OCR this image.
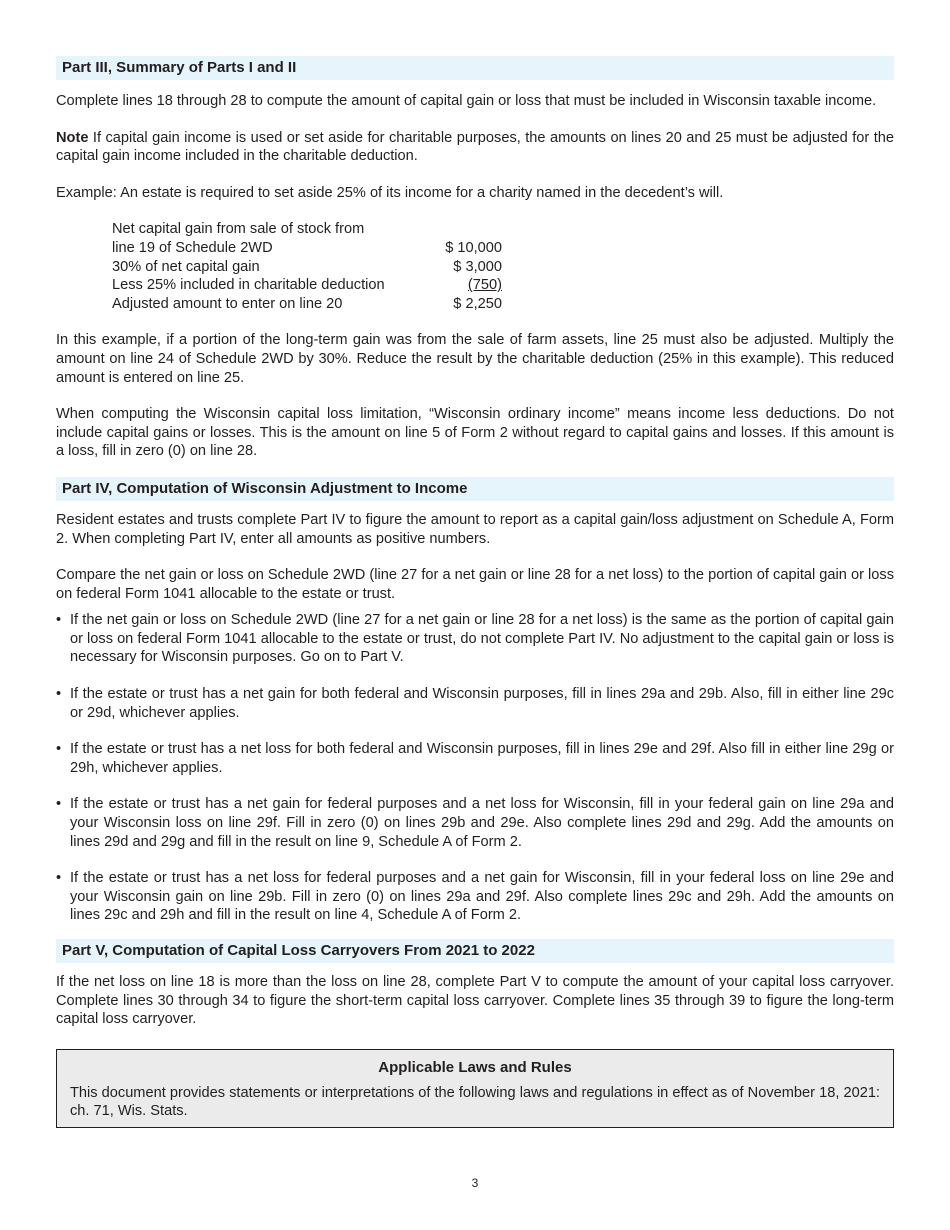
Part III, Summary of Parts I and II

Complete lines 18 through 28 to compute the amount of capital gain or loss that must be included in Wisconsin taxable income.

Note If capital gain income is used or set aside for charitable purposes, the amounts on lines 20 and 25 must be adjusted for the capital gain income included in the charitable deduction.

Example: An estate is required to set aside 25% of its income for a charity named in the decedent’s will.

Net capital gain from sale of stock from	
line 19 of Schedule 2WD	$ 10,000
30% of net capital gain	$ 3,000
Less 25% included in charitable deduction	(750)
Adjusted amount to enter on line 20	$ 2,250

In this example, if a portion of the long-term gain was from the sale of farm assets, line 25 must also be adjusted. Multiply the amount on line 24 of Schedule 2WD by 30%. Reduce the result by the charitable deduction (25% in this example). This reduced amount is entered on line 25.

When computing the Wisconsin capital loss limitation, “Wisconsin ordinary income” means income less deductions. Do not include capital gains or losses. This is the amount on line 5 of Form 2 without regard to capital gains and losses. If this amount is a loss, fill in zero (0) on line 28.

Part IV, Computation of Wisconsin Adjustment to Income

Resident estates and trusts complete Part IV to figure the amount to report as a capital gain/loss adjustment on Schedule A, Form 2. When completing Part IV, enter all amounts as positive numbers.

Compare the net gain or loss on Schedule 2WD (line 27 for a net gain or line 28 for a net loss) to the portion of capital gain or loss on federal Form 1041 allocable to the estate or trust.

• If the net gain or loss on Schedule 2WD (line 27 for a net gain or line 28 for a net loss) is the same as the portion of capital gain or loss on federal Form 1041 allocable to the estate or trust, do not complete Part IV. No adjustment to the capital gain or loss is necessary for Wisconsin purposes. Go on to Part V.
• If the estate or trust has a net gain for both federal and Wisconsin purposes, fill in lines 29a and 29b. Also, fill in either line 29c or 29d, whichever applies.
• If the estate or trust has a net loss for both federal and Wisconsin purposes, fill in lines 29e and 29f. Also fill in either line 29g or 29h, whichever applies.
• If the estate or trust has a net gain for federal purposes and a net loss for Wisconsin, fill in your federal gain on line 29a and your Wisconsin loss on line 29f. Fill in zero (0) on lines 29b and 29e. Also complete lines 29d and 29g. Add the amounts on lines 29d and 29g and fill in the result on line 9, Schedule A of Form 2.
• If the estate or trust has a net loss for federal purposes and a net gain for Wisconsin, fill in your federal loss on line 29e and your Wisconsin gain on line 29b. Fill in zero (0) on lines 29a and 29f. Also complete lines 29c and 29h. Add the amounts on lines 29c and 29h and fill in the result on line 4, Schedule A of Form 2.
Part V, Computation of Capital Loss Carryovers From 2021 to 2022

If the net loss on line 18 is more than the loss on line 28, complete Part V to compute the amount of your capital loss carryover. Complete lines 30 through 34 to figure the short-term capital loss carryover. Complete lines 35 through 39 to figure the long-term capital loss carryover.

Applicable Laws and Rules

This document provides statements or interpretations of the following laws and regulations in effect as of November 18, 2021: ch. 71, Wis. Stats.

3
